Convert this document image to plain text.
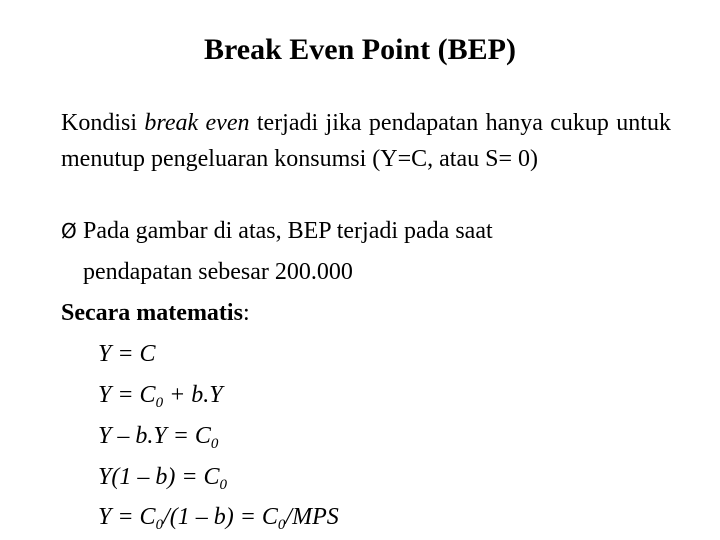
Break Even Point (BEP)
Kondisi break even terjadi jika pendapatan hanya cukup untuk menutup pengeluaran konsumsi (Y=C, atau S= 0)
Ø Pada gambar di atas, BEP terjadi pada saat
pendapatan sebesar 200.000
Secara matematis:
Y = C
$Y = C_0 + b.Y$
$Y - b.Y = C_0$
$Y(1 - b) = C_0$
$Y = C_0/(1 - b) = C_0/MPS$
